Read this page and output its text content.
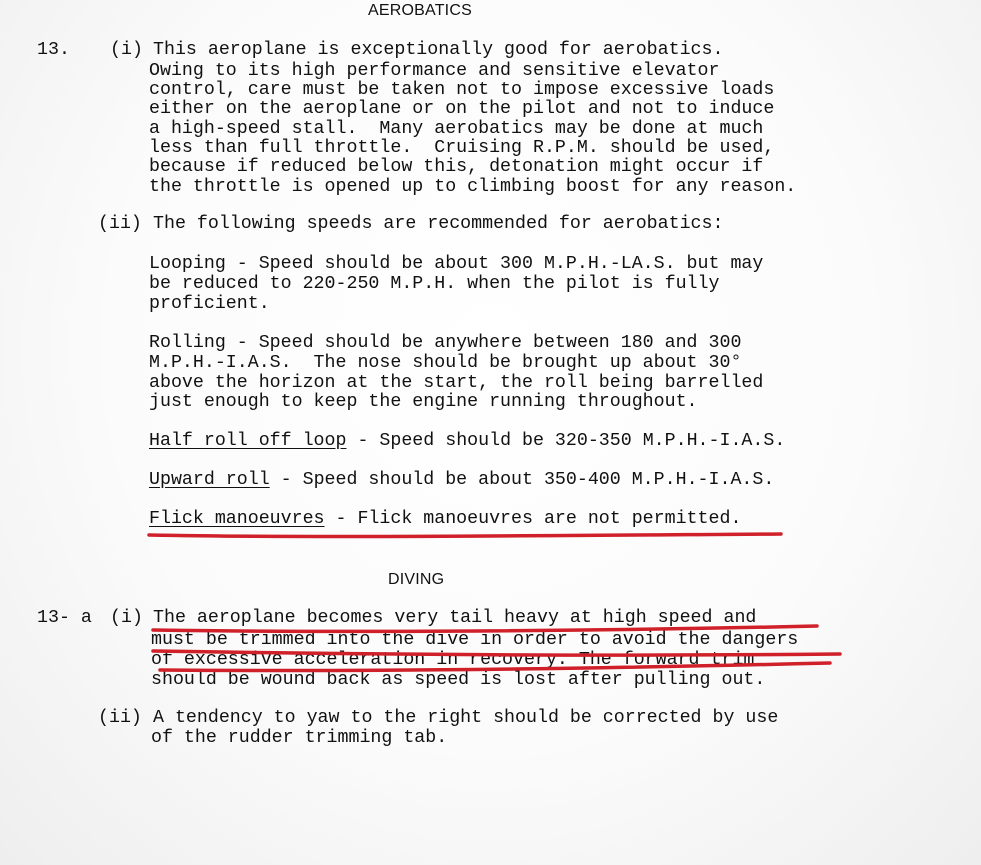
AEROBATICS
13. (i) This aeroplane is exceptionally good for aerobatics.
Owing to its high performance and sensitive elevator
control, care must be taken not to impose excessive loads
either on the aeroplane or on the pilot and not to induce
a high-speed stall.  Many aerobatics may be done at much
less than full throttle.  Cruising R.P.M. should be used,
because if reduced below this, detonation might occur if
the throttle is opened up to climbing boost for any reason.
(ii) The following speeds are recommended for aerobatics:
Looping - Speed should be about 300 M.P.H.-LA.S. but may
be reduced to 220-250 M.P.H. when the pilot is fully
proficient.
Rolling - Speed should be anywhere between 180 and 300
M.P.H.-I.A.S.  The nose should be brought up about 30°
above the horizon at the start, the roll being barrelled
just enough to keep the engine running throughout.
Half roll off loop - Speed should be 320-350 M.P.H.-I.A.S.
Upward roll - Speed should be about 350-400 M.P.H.-I.A.S.
Flick manoeuvres - Flick manoeuvres are not permitted.
DIVING
13- a (i) The aeroplane becomes very tail heavy at high speed and
must be trimmed into the dive in order to avoid the dangers
of excessive acceleration in recovery. The forward trim
should be wound back as speed is lost after pulling out.
(ii) A tendency to yaw to the right should be corrected by use
of the rudder trimming tab.
